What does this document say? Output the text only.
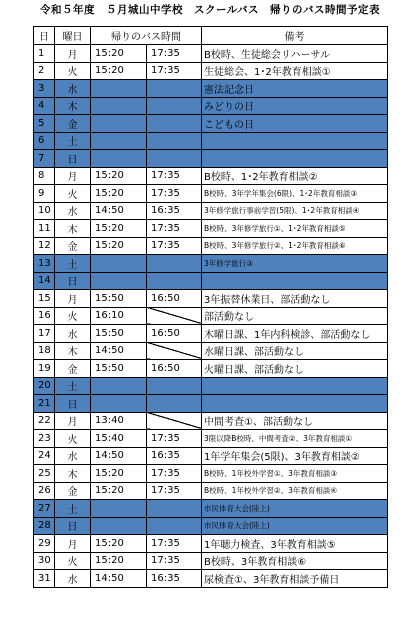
令和５年度　５月城山中学校　スクールバス　帰りのバス時間予定表
日	曜日	帰りのバス時間		備考
1	月	15:20	17:35	B校時、生徒総会リハーサル
2	火	15:20	17:35	生徒総会、1･2年教育相談①
3	水			憲法記念日
4	木			みどりの日
5	金			こどもの日
6	土			
7	日			
8	月	15:20	17:35	B校時、1･2年教育相談②
9	火	15:20	17:35	B校時、3年学年集会(6限)、1･2年教育相談③
10	水	14:50	16:35	3年修学旅行事前学習(5限)、1･2年教育相談④
11	木	15:20	17:35	B校時、3年修学旅行①、1･2年教育相談⑤
12	金	15:20	17:35	B校時、3年修学旅行②、1･2年教育相談⑥
13	土			3年修学旅行③
14	日			
15	月	15:50	16:50	3年振替休業日、部活動なし
16	火	16:10		部活動なし
17	水	15:50	16:50	木曜日課、1年内科検診、部活動なし
18	木	14:50		水曜日課、部活動なし
19	金	15:50	16:50	火曜日課、部活動なし
20	土			
21	日			
22	月	13:40		中間考査①、部活動なし
23	火	15:40	17:35	3限以降B校時、中間考査②、3年教育相談①
24	水	14:50	16:35	1年学年集会(5限)、3年教育相談②
25	木	15:20	17:35	B校時、1年校外学習①、3年教育相談③
26	金	15:20	17:35	B校時、1年校外学習②、3年教育相談④
27	土			市民体育大会(陸上)
28	日			市民体育大会(陸上)
29	月	15:20	17:35	1年聴力検査、3年教育相談⑤
30	火	15:20	17:35	B校時、3年教育相談⑥
31	水	14:50	16:35	尿検査①、3年教育相談予備日
